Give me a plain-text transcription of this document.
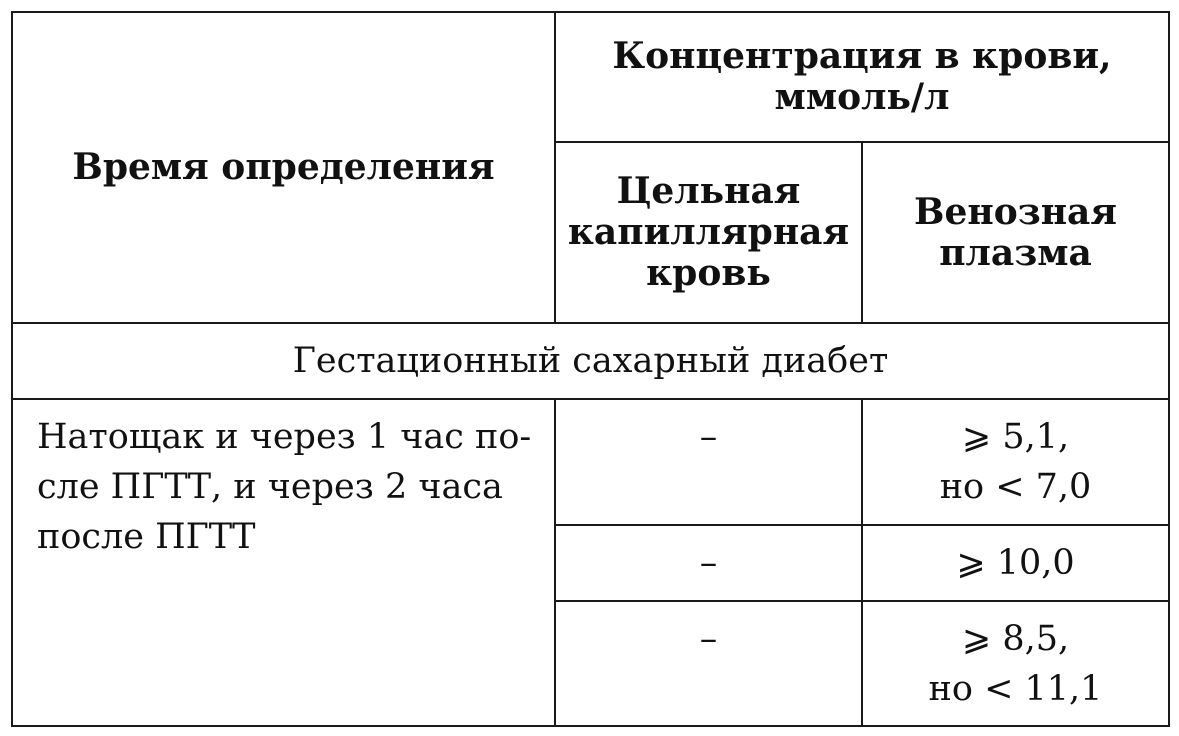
Время определения	Концентрация в крови,
ммоль/л	

	Цельная
капиллярная
кровь	Венозная
плазма

Гестационный сахарный диабет		

Натощак и через 1 час по-
сле ПГТТ, и через 2 часа
после ПГТТ	–	⩾ 5,1,
но < 7,0

	–	⩾ 10,0

	–	⩾ 8,5,
но < 11,1
